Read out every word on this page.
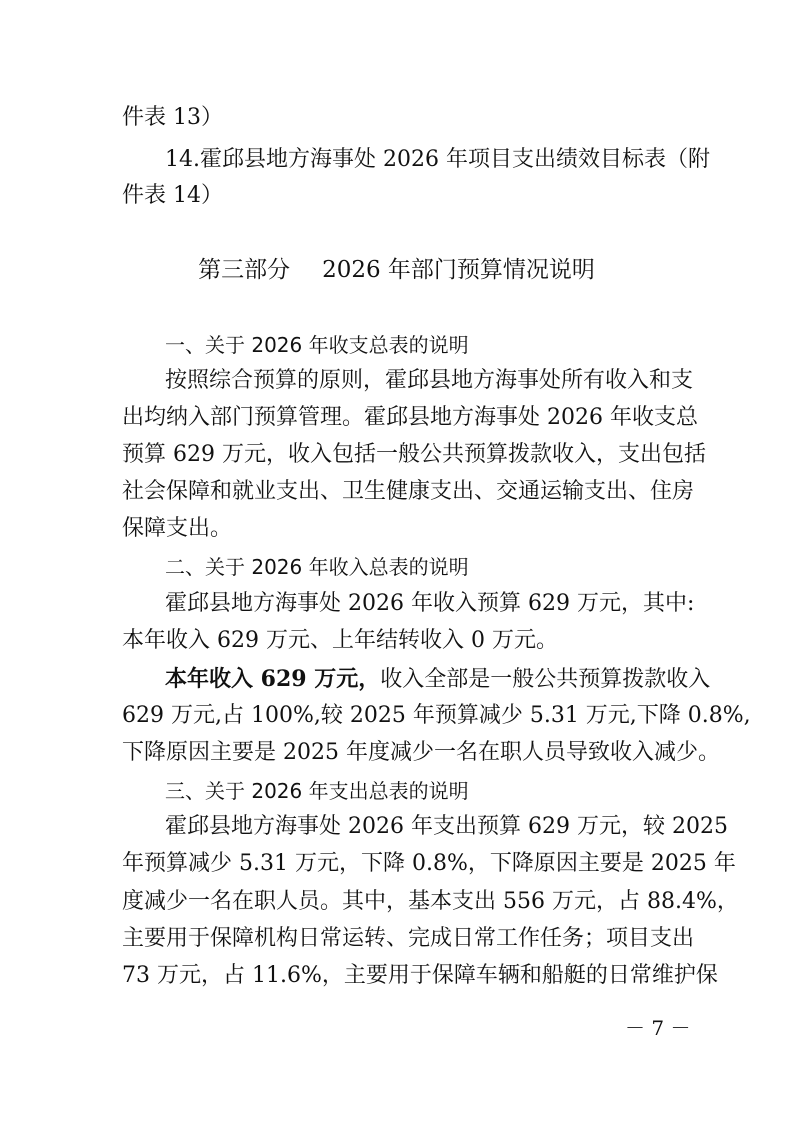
件表 13）

14.霍邱县地方海事处 2026 年项目支出绩效目标表（附

件表 14）

第三部分 2026 年部门预算情况说明

一、关于 2026 年收支总表的说明

按照综合预算的原则，霍邱县地方海事处所有收入和支

出均纳入部门预算管理。霍邱县地方海事处 2026 年收支总

预算 629 万元，收入包括一般公共预算拨款收入，支出包括

社会保障和就业支出、卫生健康支出、交通运输支出、住房

保障支出。

二、关于 2026 年收入总表的说明

霍邱县地方海事处 2026 年收入预算 629 万元，其中:

本年收入 629 万元、上年结转收入 0 万元。

本年收入 629 万元，收入全部是一般公共预算拨款收入

629 万元,占 100%,较 2025 年预算减少 5.31 万元,下降 0.8%,

下降原因主要是 2025 年度减少一名在职人员导致收入减少。

三、关于 2026 年支出总表的说明

霍邱县地方海事处 2026 年支出预算 629 万元，较 2025

年预算减少 5.31 万元，下降 0.8%，下降原因主要是 2025 年

度减少一名在职人员。其中，基本支出 556 万元，占 88.4%，

主要用于保障机构日常运转、完成日常工作任务；项目支出

73 万元，占 11.6%，主要用于保障车辆和船艇的日常维护保

－ 7 －
